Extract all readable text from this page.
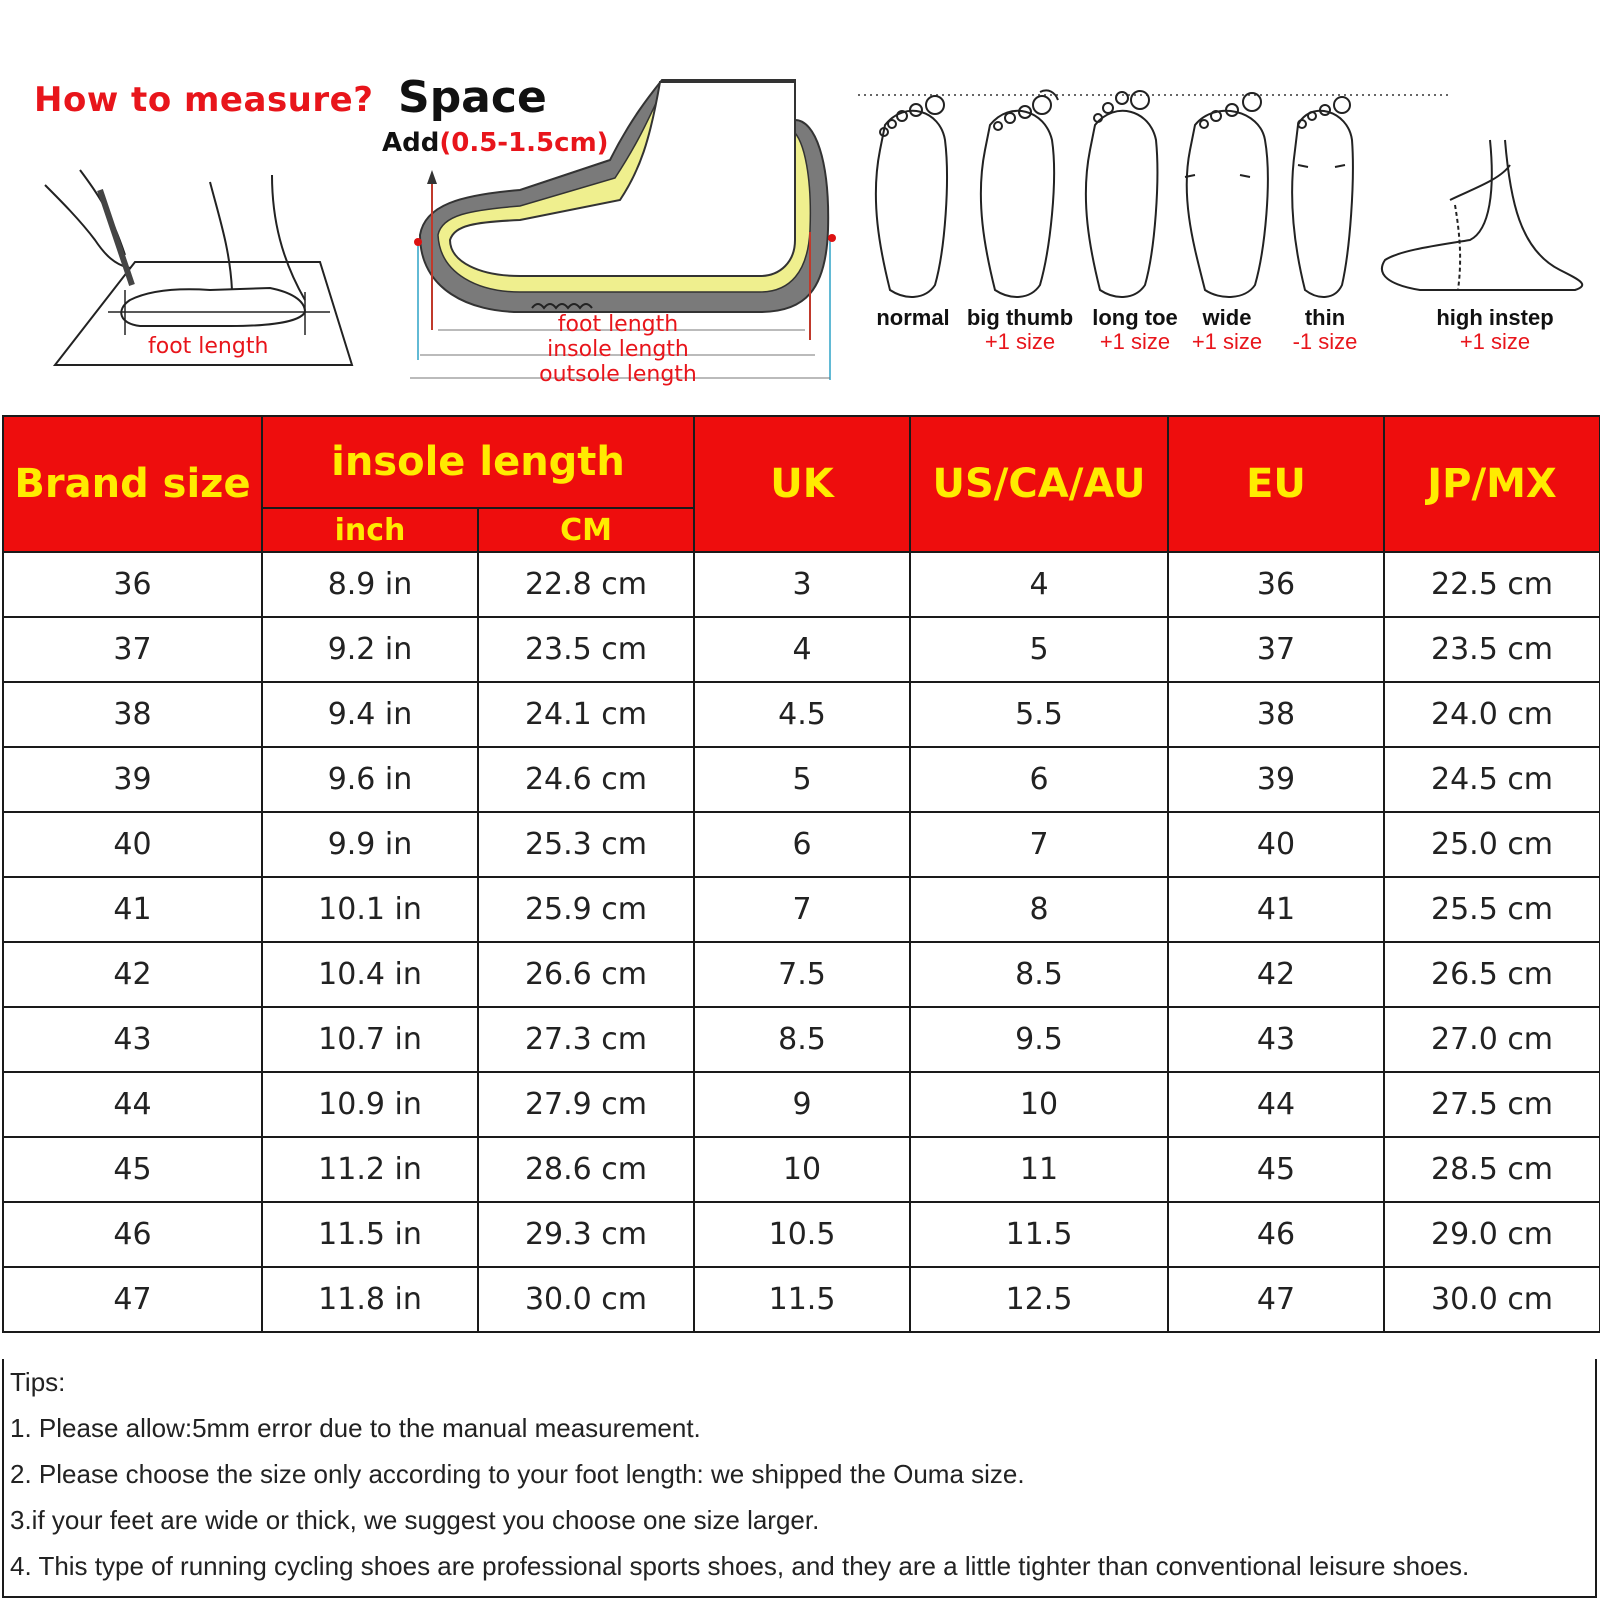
How to measure? Space
Add(0.5-1.5cm)
foot length
foot length
insole length
outsole length
normal big thumb
+1 size
long toe
+1 size
wide
+1 size
thin
-1 size
high instep
+1 size
Brand size	insole length		UK	US/CA/AU	EU	JP/MX
	inch	CM				
36	8.9 in	22.8 cm	3	4	36	22.5 cm
37	9.2 in	23.5 cm	4	5	37	23.5 cm
38	9.4 in	24.1 cm	4.5	5.5	38	24.0 cm
39	9.6 in	24.6 cm	5	6	39	24.5 cm
40	9.9 in	25.3 cm	6	7	40	25.0 cm
41	10.1 in	25.9 cm	7	8	41	25.5 cm
42	10.4 in	26.6 cm	7.5	8.5	42	26.5 cm
43	10.7 in	27.3 cm	8.5	9.5	43	27.0 cm
44	10.9 in	27.9 cm	9	10	44	27.5 cm
45	11.2 in	28.6 cm	10	11	45	28.5 cm
46	11.5 in	29.3 cm	10.5	11.5	46	29.0 cm
47	11.8 in	30.0 cm	11.5	12.5	47	30.0 cm
Tips:
1. Please allow:5mm error due to the manual measurement.
2. Please choose the size only according to your foot length: we shipped the Ouma size.
3.if your feet are wide or thick, we suggest you choose one size larger.
4. This type of running cycling shoes are professional sports shoes, and they are a little tighter than conventional leisure shoes.
